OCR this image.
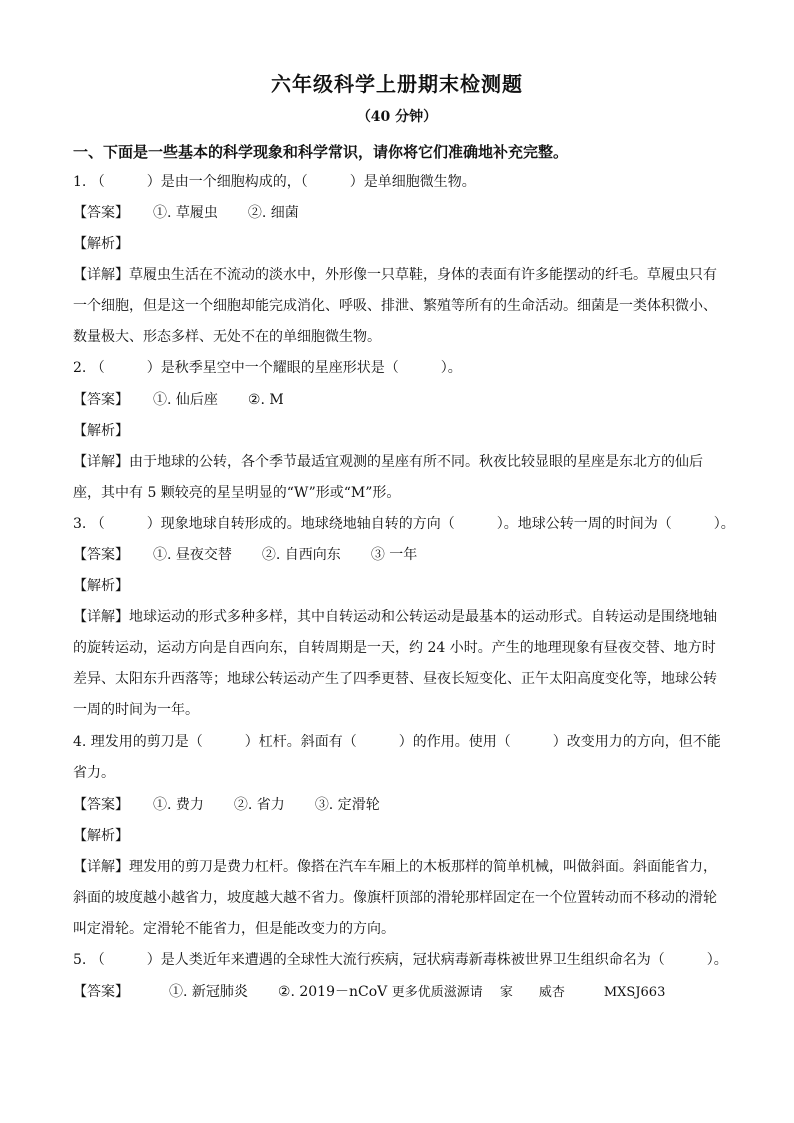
六年级科学上册期末检测题
（40 分钟）
一、下面是一些基本的科学现象和科学常识，请你将它们准确地补充完整。
1. （　　　）是由一个细胞构成的，（　　　）是单细胞微生物。
【答案】 ①. 草履虫 ②. 细菌
【解析】
【详解】草履虫生活在不流动的淡水中，外形像一只草鞋，身体的表面有许多能摆动的纤毛。草履虫只有
一个细胞，但是这一个细胞却能完成消化、呼吸、排泄、繁殖等所有的生命活动。细菌是一类体积微小、
数量极大、形态多样、无处不在的单细胞微生物。
2. （　　　）是秋季星空中一个耀眼的星座形状是（　　　）。
【答案】 ①. 仙后座 ②. M
【解析】
【详解】由于地球的公转，各个季节最适宜观测的星座有所不同。秋夜比较显眼的星座是东北方的仙后
座，其中有 5 颗较亮的星呈明显的“W”形或“M”形。
3. （　　　）现象地球自转形成的。地球绕地轴自转的方向（　　　）。地球公转一周的时间为（　　　）。
【答案】 ①. 昼夜交替 ②. 自西向东 ③ 一年
【解析】
【详解】地球运动的形式多种多样，其中自转运动和公转运动是最基本的运动形式。自转运动是围绕地轴
的旋转运动，运动方向是自西向东，自转周期是一天，约 24 小时。产生的地理现象有昼夜交替、地方时
差异、太阳东升西落等；地球公转运动产生了四季更替、昼夜长短变化、正午太阳高度变化等，地球公转
一周的时间为一年。
4. 理发用的剪刀是（　　　）杠杆。斜面有（　　　）的作用。使用（　　　）改变用力的方向，但不能
省力。
【答案】 ①. 费力 ②. 省力 ③. 定滑轮
【解析】
【详解】理发用的剪刀是费力杠杆。像搭在汽车车厢上的木板那样的简单机械，叫做斜面。斜面能省力，
斜面的坡度越小越省力，坡度越大越不省力。像旗杆顶部的滑轮那样固定在一个位置转动而不移动的滑轮
叫定滑轮。定滑轮不能省力，但是能改变力的方向。
5. （　　　）是人类近年来遭遇的全球性大流行疾病，冠状病毒新毒株被世界卫生组织命名为（　　　）。
【答案】	①. 新冠肺炎 ②. 2019－nCoV 更多优质滋源请　 家　　威杏　　　MXSJ663
